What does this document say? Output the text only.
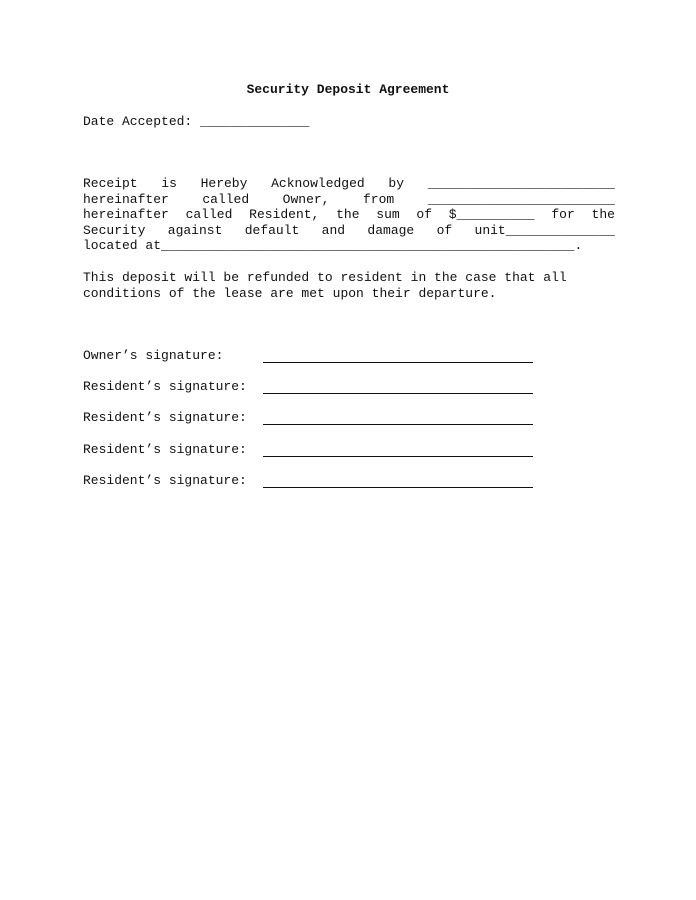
Security Deposit Agreement
Date Accepted: ______________
Receipt is Hereby Acknowledged by ________________________
hereinafter	called	Owner,	from	________________________
hereinafter called Resident, the sum of $__________ for the
Security against default and damage of unit______________
located at_____________________________________________________.
This deposit will be refunded to resident in the case that all
conditions of the lease are met upon their departure.
Owner’s signature:
Resident’s signature:
Resident’s signature:
Resident’s signature:
Resident’s signature:
